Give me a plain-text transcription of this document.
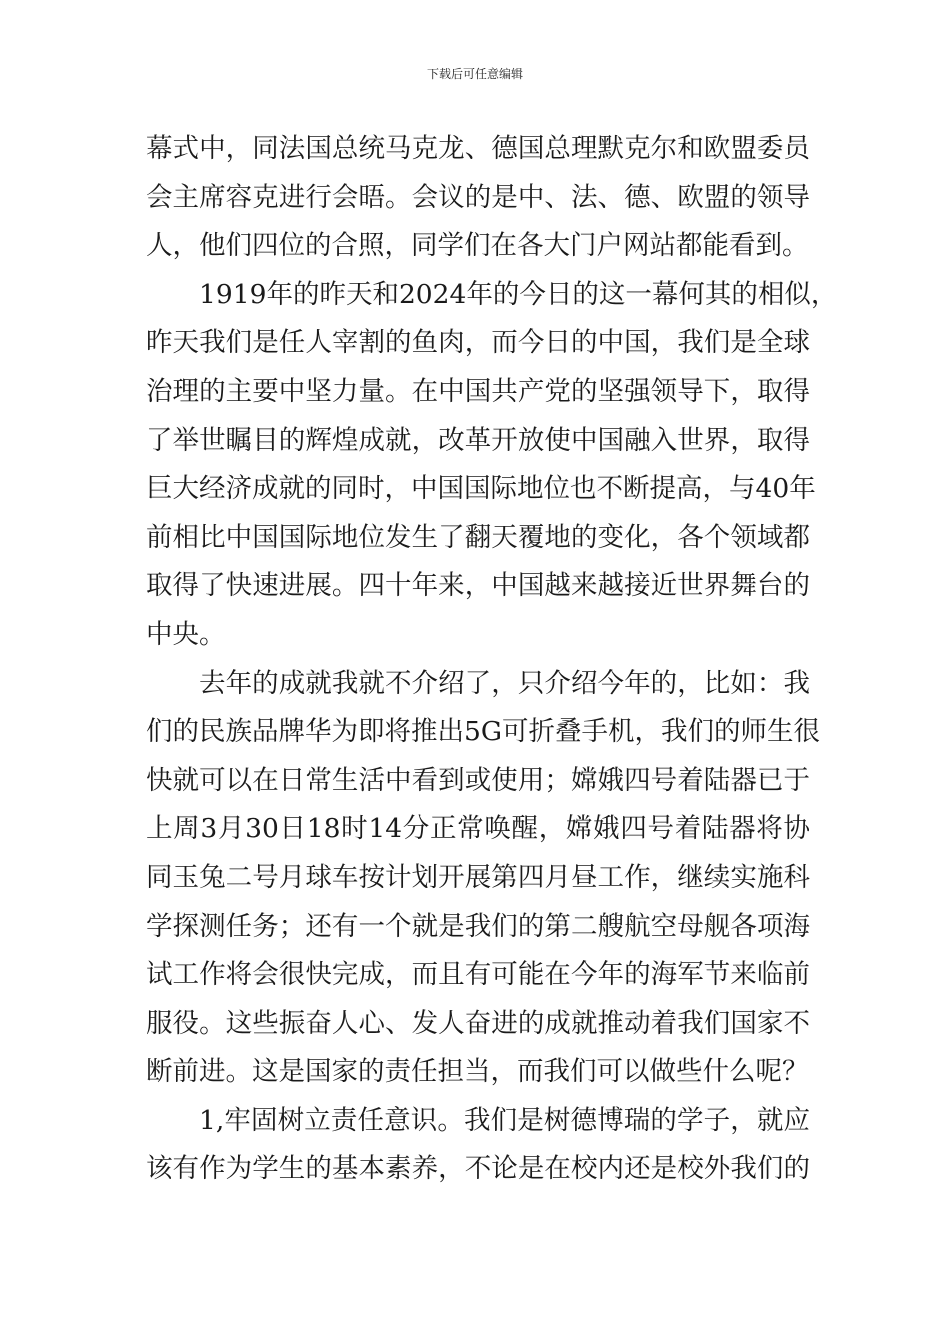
下载后可任意编辑
幕式中，同法国总统马克龙、德国总理默克尔和欧盟委员
会主席容克进行会晤。会议的是中、法、德、欧盟的领导
人，他们四位的合照，同学们在各大门户网站都能看到。
1919年的昨天和2024年的今日的这一幕何其的相似，
昨天我们是任人宰割的鱼肉，而今日的中国，我们是全球
治理的主要中坚力量。在中国共产党的坚强领导下，取得
了举世瞩目的辉煌成就，改革开放使中国融入世界，取得
巨大经济成就的同时，中国国际地位也不断提高，与40年
前相比中国国际地位发生了翻天覆地的变化，各个领域都
取得了快速进展。四十年来，中国越来越接近世界舞台的
中央。
去年的成就我就不介绍了，只介绍今年的，比如：我
们的民族品牌华为即将推出5G可折叠手机，我们的师生很
快就可以在日常生活中看到或使用；嫦娥四号着陆器已于
上周3月30日18时14分正常唤醒，嫦娥四号着陆器将协
同玉兔二号月球车按计划开展第四月昼工作，继续实施科
学探测任务；还有一个就是我们的第二艘航空母舰各项海
试工作将会很快完成，而且有可能在今年的海军节来临前
服役。这些振奋人心、发人奋进的成就推动着我们国家不
断前进。这是国家的责任担当，而我们可以做些什么呢？
1,牢固树立责任意识。我们是树德博瑞的学子，就应
该有作为学生的基本素养，不论是在校内还是校外我们的
